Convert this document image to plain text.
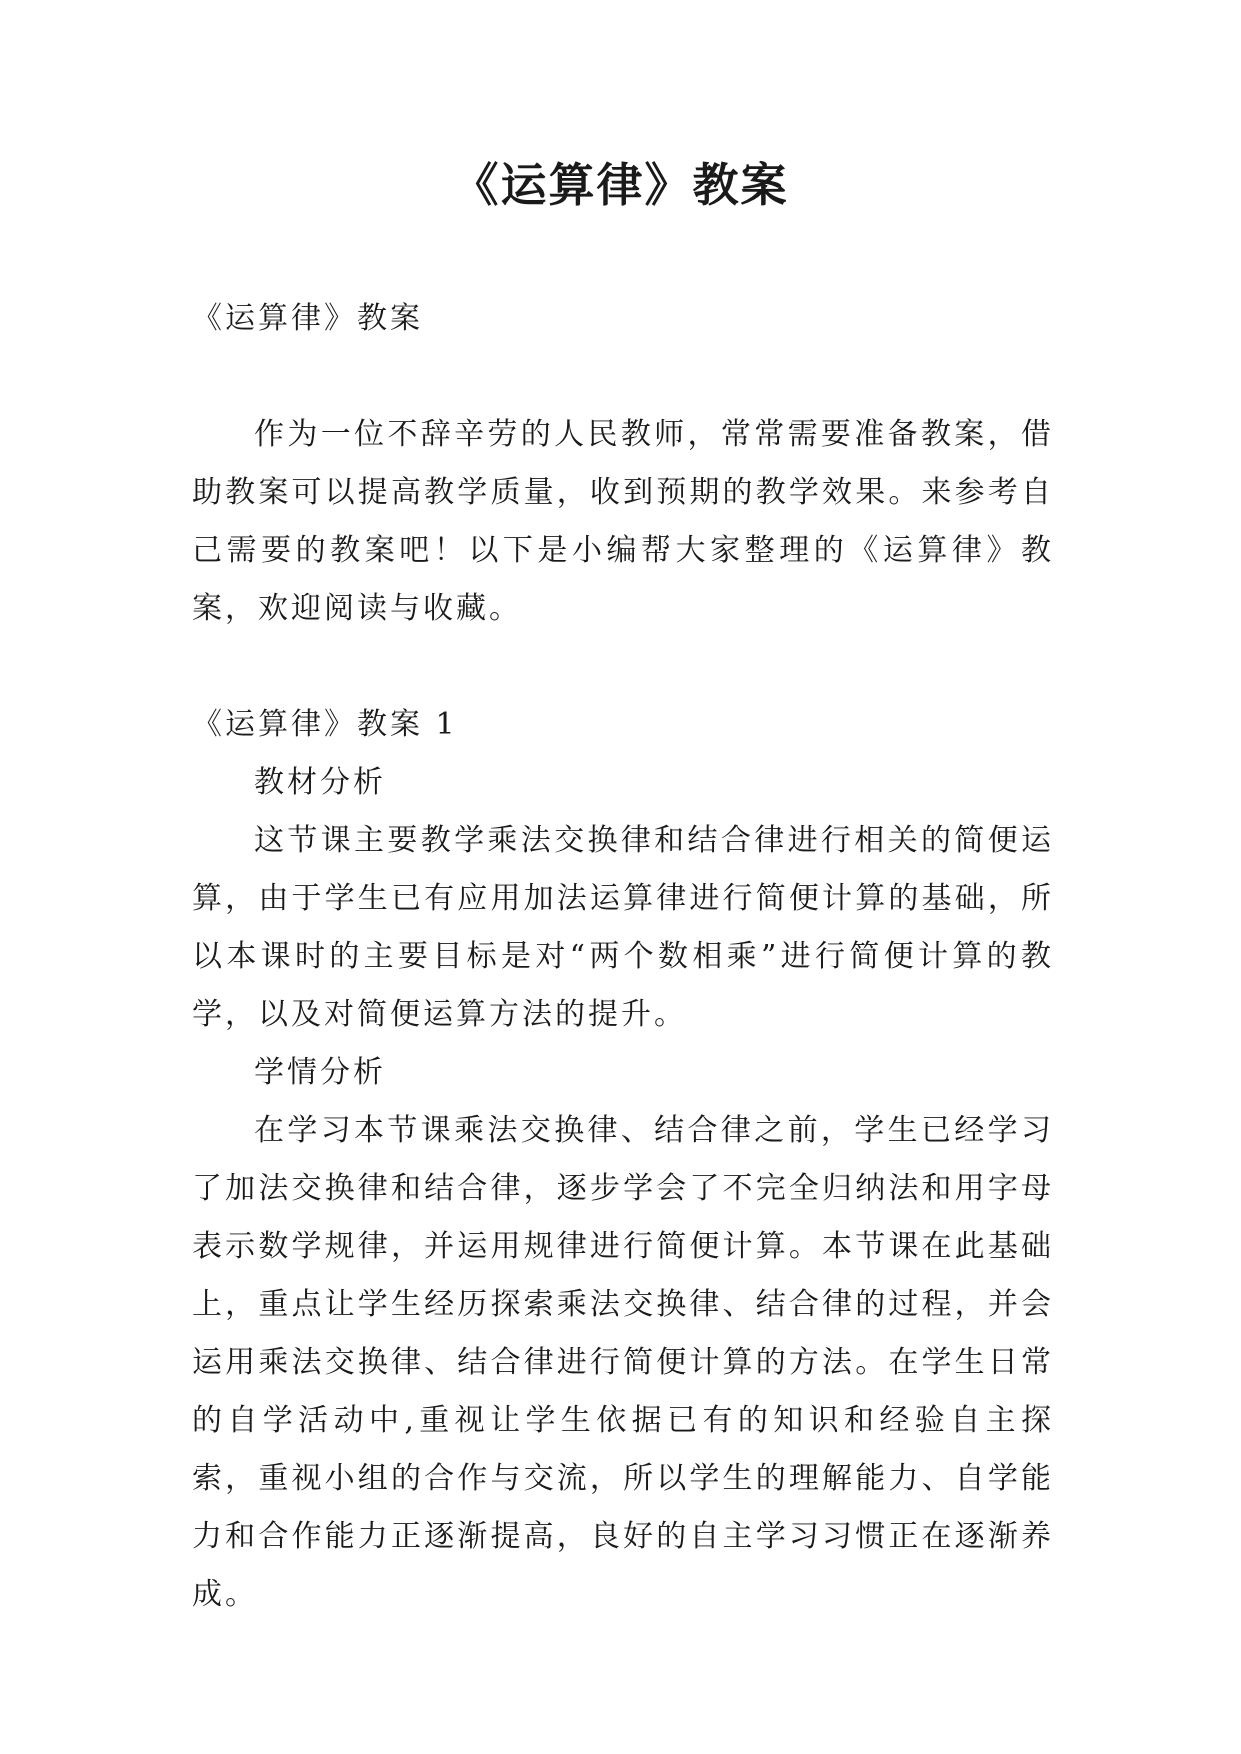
《运算律》教案
《运算律》教案

作为一位不辞辛劳的人民教师，常常需要准备教案，借助教案可以提高教学质量，收到预期的教学效果。来参考自己需要的教案吧！以下是小编帮大家整理的《运算律》教案，欢迎阅读与收藏。

《运算律》教案 1
教材分析

这节课主要教学乘法交换律和结合律进行相关的简便运算，由于学生已有应用加法运算律进行简便计算的基础，所以本课时的主要目标是对“两个数相乘”进行简便计算的教学，以及对简便运算方法的提升。

学情分析

在学习本节课乘法交换律、结合律之前，学生已经学习了加法交换律和结合律，逐步学会了不完全归纳法和用字母表示数学规律，并运用规律进行简便计算。本节课在此基础上，重点让学生经历探索乘法交换律、结合律的过程，并会运用乘法交换律、结合律进行简便计算的方法。在学生日常的自学活动中,重视让学生依据已有的知识和经验自主探索，重视小组的合作与交流，所以学生的理解能力、自学能力和合作能力正逐渐提高，良好的自主学习习惯正在逐渐养成。
